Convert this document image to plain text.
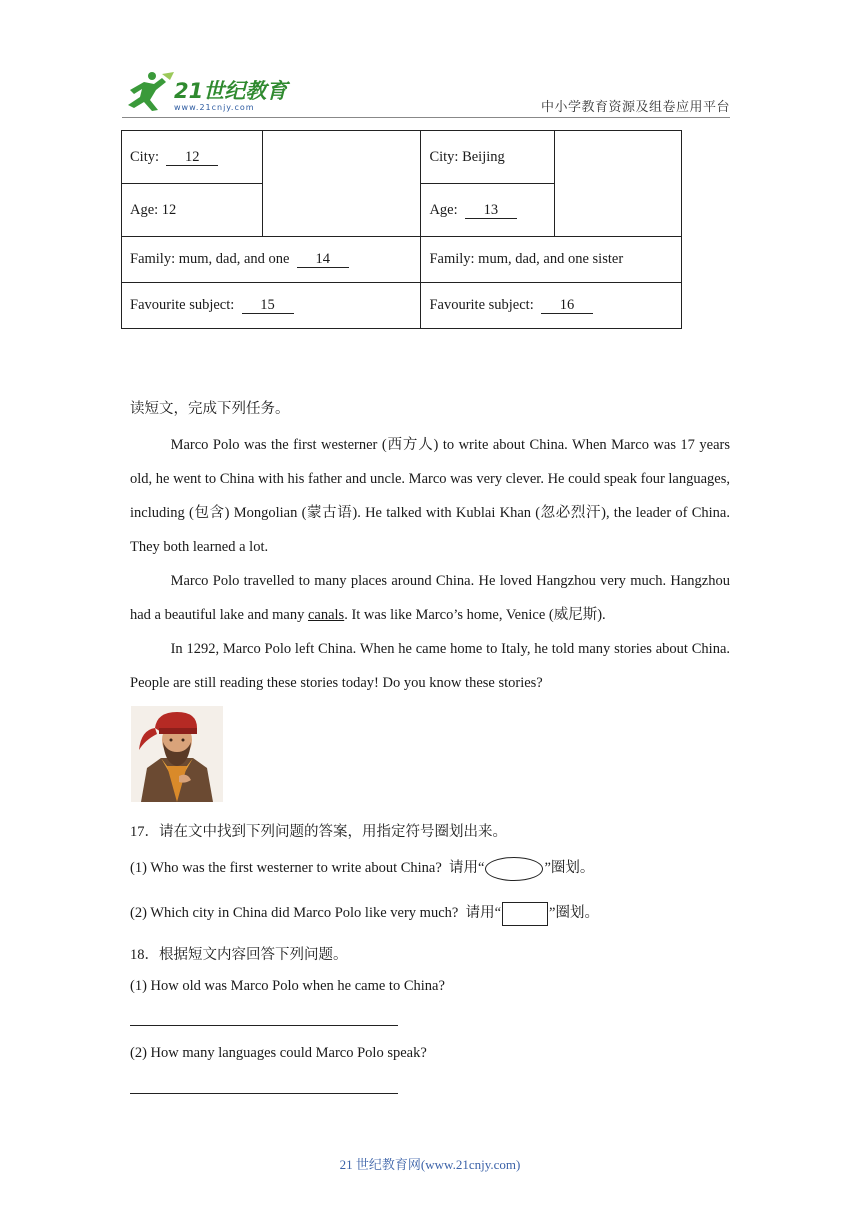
21世纪教育
www.21cnjy.com	中小学教育资源及组卷应用平台
City: 12		City: Beijing	
Age: 12		Age: 13	
Family: mum, dad, and one 14		Family: mum, dad, and one sister	
Favourite subject: 15		Favourite subject: 16	
读短文，完成下列任务。

Marco Polo was the first westerner (西方人) to write about China. When Marco was 17 years old, he went to China with his father and uncle. Marco was very clever. He could speak four languages, including (包含) Mongolian (蒙古语). He talked with Kublai Khan (忽必烈汗), the leader of China. They both learned a lot.

Marco Polo travelled to many places around China. He loved Hangzhou very much. Hangzhou had a beautiful lake and many canals. It was like Marco’s home, Venice (威尼斯).

In 1292, Marco Polo left China. When he came home to Italy, he told many stories about China. People are still reading these stories today! Do you know these stories?

17．请在文中找到下列问题的答案，用指定符号圈划出来。
(1) Who was the first westerner to write about China? 请用“	”圈划。
(2) Which city in China did Marco Polo like very much? 请用“	”圈划。
18．根据短文内容回答下列问题。
(1) How old was Marco Polo when he came to China?
(2) How many languages could Marco Polo speak?
21 世纪教育网(www.21cnjy.com)
